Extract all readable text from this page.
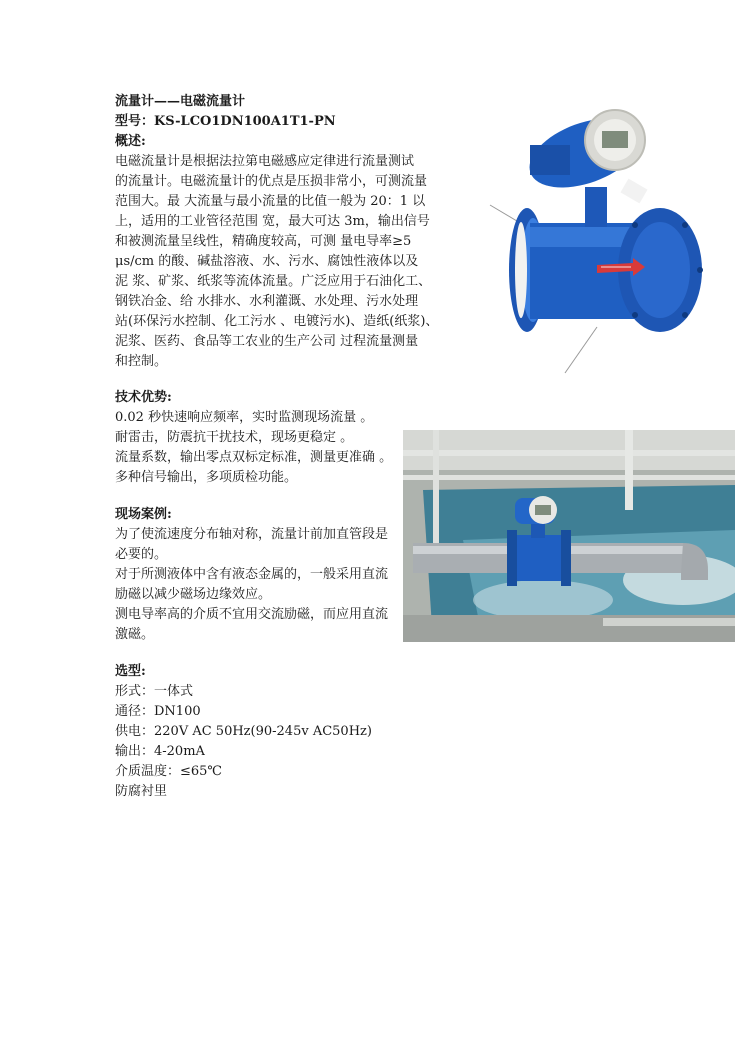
流量计——电磁流量计
型号：KS-LCO1DN100A1T1-PN
概述:
电磁流量计是根据法拉第电磁感应定律进行流量测试
的流量计。电磁流量计的优点是压损非常小，可测流量
范围大。最 大流量与最小流量的比值一般为 20：1 以
上，适用的工业管径范围 宽，最大可达 3m，输出信号
和被测流量呈线性，精确度较高，可测 量电导率≥5
μs/cm 的酸、碱盐溶液、水、污水、腐蚀性液体以及
泥 浆、矿浆、纸浆等流体流量。广泛应用于石油化工、
钢铁冶金、给 水排水、水利灌溉、水处理、污水处理
站(环保污水控制、化工污水 、电镀污水)、造纸(纸浆)、
泥浆、医药、食品等工农业的生产公司 过程流量测量
和控制。
技术优势:
0.02 秒快速响应频率，实时监测现场流量 。
耐雷击，防震抗干扰技术，现场更稳定 。
流量系数，输出零点双标定标准，测量更准确 。
多种信号输出，多项质检功能。
现场案例:
为了使流速度分布轴对称，流量计前加直管段是
必要的。
对于所测液体中含有液态金属的，一般采用直流
励磁以减少磁场边缘效应。
测电导率高的介质不宜用交流励磁，而应用直流
激磁。
选型:
形式：一体式
通径：DN100
供电：220V AC 50Hz(90-245v AC50Hz)
输出：4-20mA
介质温度：≤65℃
防腐衬里
